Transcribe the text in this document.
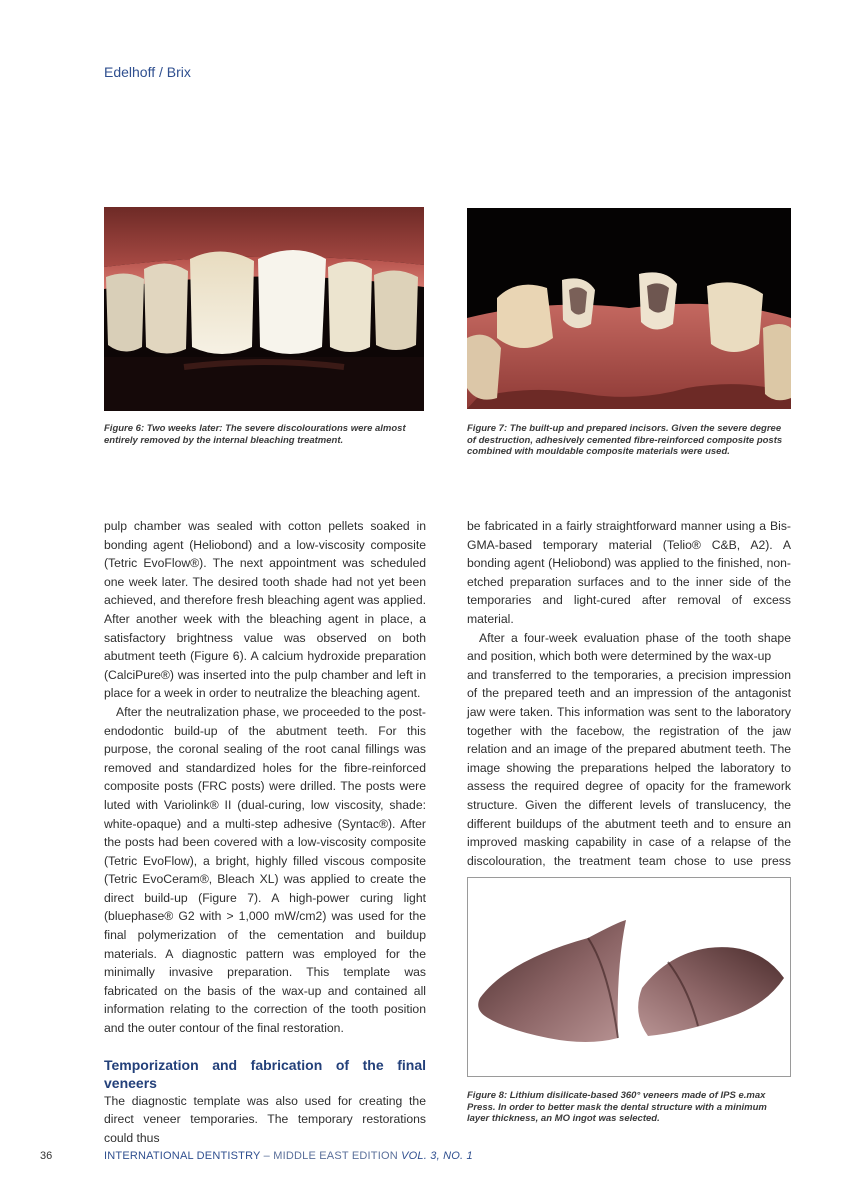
Edelhoff / Brix
Figure 6: Two weeks later: The severe discolourations were almost entirely removed by the internal bleaching treatment.
Figure 7: The built-up and prepared incisors. Given the severe degree of destruction, adhesively cemented fibre-reinforced composite posts combined with mouldable composite materials were used.

pulp chamber was sealed with cotton pellets soaked in bonding agent (Heliobond) and a low-viscosity composite (Tetric EvoFlow®). The next appointment was scheduled one week later. The desired tooth shade had not yet been achieved, and therefore fresh bleaching agent was applied. After another week with the bleaching agent in place, a satisfactory brightness value was observed on both abutment teeth (Figure 6). A calcium hydroxide preparation (CalciPure®) was inserted into the pulp chamber and left in place for a week in order to neutralize the bleaching agent.

After the neutralization phase, we proceeded to the post-endodontic build-up of the abutment teeth. For this purpose, the coronal sealing of the root canal fillings was removed and standardized holes for the fibre-reinforced composite posts (FRC posts) were drilled. The posts were luted with Variolink® II (dual-curing, low viscosity, shade: white-opaque) and a multi-step adhesive (Syntac®). After the posts had been covered with a low-viscosity composite (Tetric EvoFlow), a bright, highly filled viscous composite (Tetric EvoCeram®, Bleach XL) was applied to create the direct build-up (Figure 7). A high-power curing light (bluephase® G2 with > 1,000 mW/cm2) was used for the final polymerization of the cementation and buildup materials. A diagnostic pattern was employed for the minimally invasive preparation. This template was fabricated on the basis of the wax-up and contained all information relating to the correction of the tooth position and the outer contour of the final restoration.

Temporization and fabrication of the final veneers

The diagnostic template was also used for creating the direct veneer temporaries. The temporary restorations could thus

be fabricated in a fairly straightforward manner using a Bis-GMA-based temporary material (Telio® C&B, A2). A bonding agent (Heliobond) was applied to the finished, non-etched preparation surfaces and to the inner side of the temporaries and light-cured after removal of excess material.

After a four-week evaluation phase of the tooth shape and position, which both were determined by the wax-up

and transferred to the temporaries, a precision impression of the prepared teeth and an impression of the antagonist jaw were taken. This information was sent to the laboratory together with the facebow, the registration of the jaw relation and an image of the prepared abutment teeth. The image showing the preparations helped the laboratory to assess the required degree of opacity for the framework structure. Given the different levels of translucency, the different buildups of the abutment teeth and to ensure an improved masking capability in case of a relapse of the discolouration, the treatment team chose to use press

Figure 8: Lithium disilicate-based 360° veneers made of IPS e.max Press. In order to better mask the dental structure with a minimum layer thickness, an MO ingot was selected.
36	INTERNATIONAL DENTISTRY – MIDDLE EAST EDITION VOL. 3, NO. 1
